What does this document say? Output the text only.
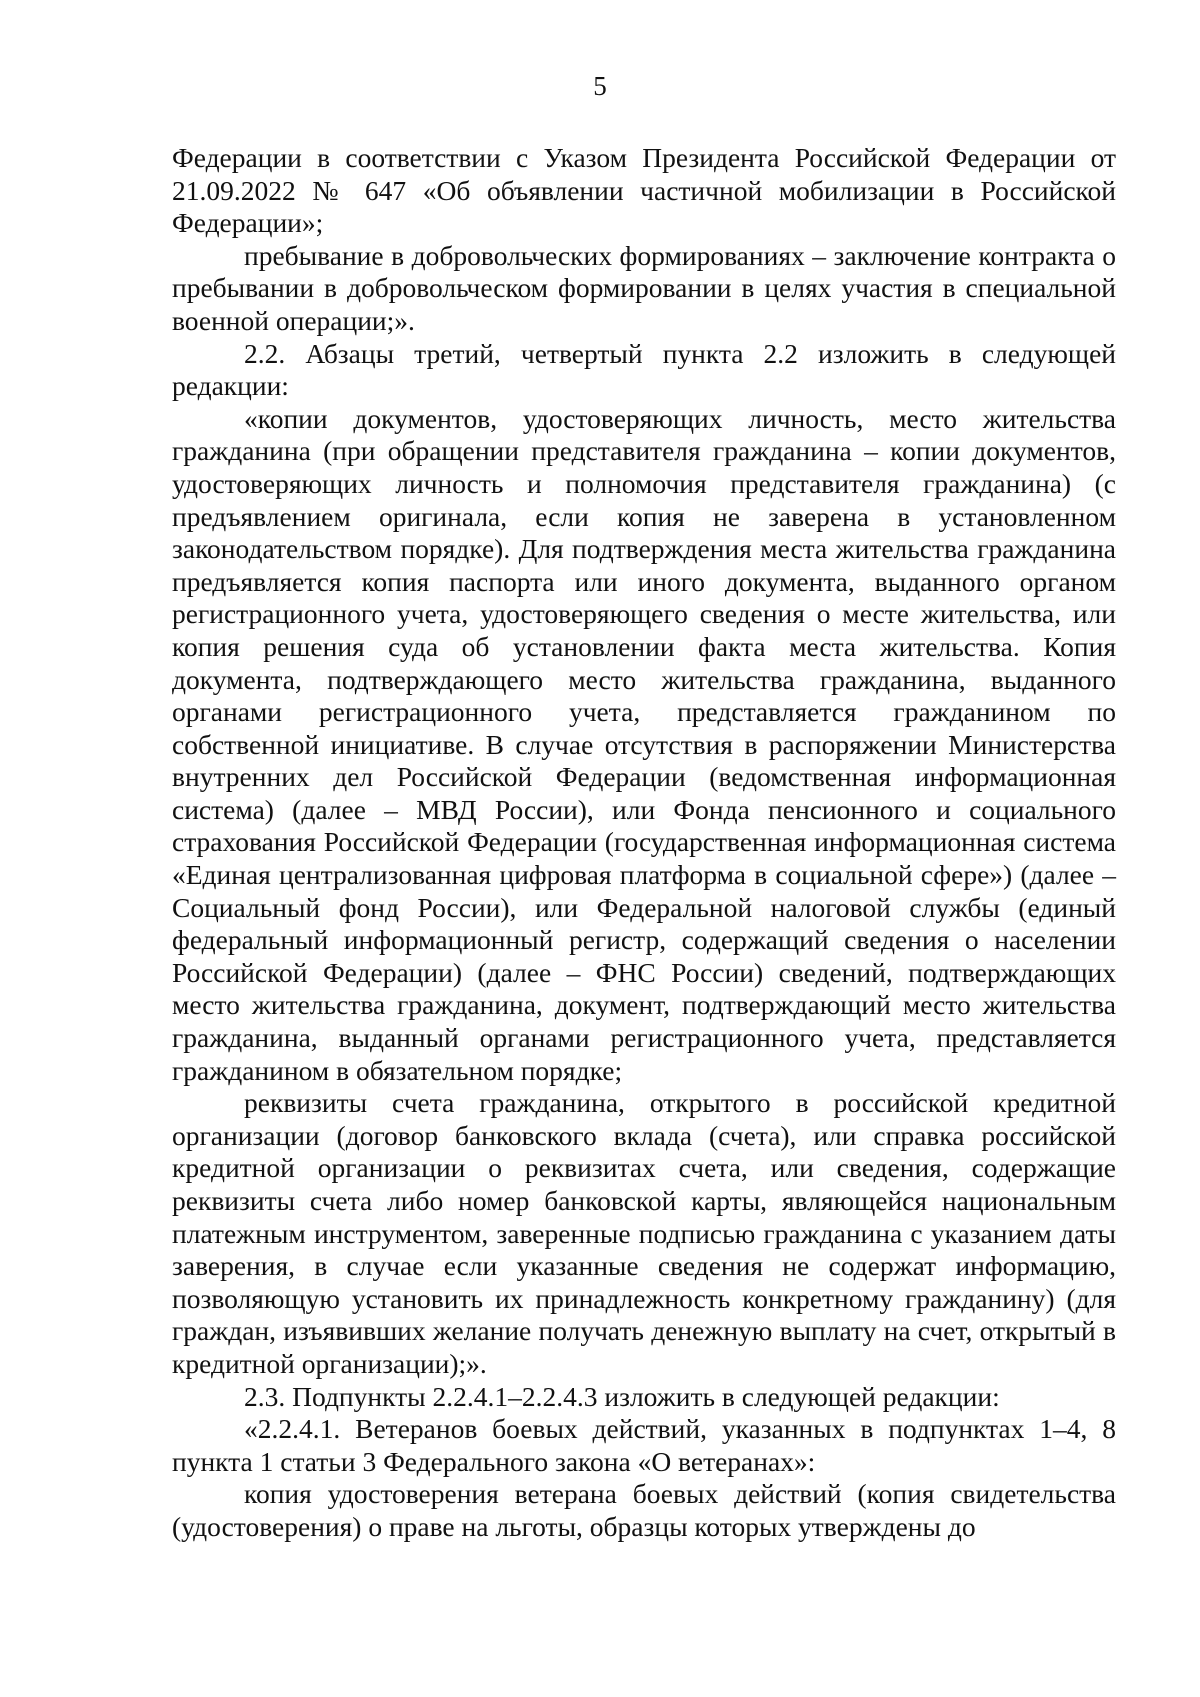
5

Федерации в соответствии с Указом Президента Российской Федерации от 21.09.2022 № 647 «Об объявлении частичной мобилизации в Российской Федерации»;

пребывание в добровольческих формированиях – заключение контракта о пребывании в добровольческом формировании в целях участия в специальной военной операции;».

2.2. Абзацы третий, четвертый пункта 2.2 изложить в следующей редакции:

«копии документов, удостоверяющих личность, место жительства гражданина (при обращении представителя гражданина – копии документов, удостоверяющих личность и полномочия представителя гражданина) (с предъявлением оригинала, если копия не заверена в установленном законодательством порядке). Для подтверждения места жительства гражданина предъявляется копия паспорта или иного документа, выданного органом регистрационного учета, удостоверяющего сведения о месте жительства, или копия решения суда об установлении факта места жительства. Копия документа, подтверждающего место жительства гражданина, выданного органами регистрационного учета, представляется гражданином по собственной инициативе. В случае отсутствия в распоряжении Министерства внутренних дел Российской Федерации (ведомственная информационная система) (далее – МВД России), или Фонда пенсионного и социального страхования Российской Федерации (государственная информационная система «Единая централизованная цифровая платформа в социальной сфере») (далее – Социальный фонд России), или Федеральной налоговой службы (единый федеральный информационный регистр, содержащий сведения о населении Российской Федерации) (далее – ФНС России) сведений, подтверждающих место жительства гражданина, документ, подтверждающий место жительства гражданина, выданный органами регистрационного учета, представляется гражданином в обязательном порядке;

реквизиты счета гражданина, открытого в российской кредитной организации (договор банковского вклада (счета), или справка российской кредитной организации о реквизитах счета, или сведения, содержащие реквизиты счета либо номер банковской карты, являющейся национальным платежным инструментом, заверенные подписью гражданина с указанием даты заверения, в случае если указанные сведения не содержат информацию, позволяющую установить их принадлежность конкретному гражданину) (для граждан, изъявивших желание получать денежную выплату на счет, открытый в кредитной организации);».

2.3. Подпункты 2.2.4.1–2.2.4.3 изложить в следующей редакции:

«2.2.4.1. Ветеранов боевых действий, указанных в подпунктах 1–4, 8 пункта 1 статьи 3 Федерального закона «О ветеранах»:

копия удостоверения ветерана боевых действий (копия свидетельства (удостоверения) о праве на льготы, образцы которых утверждены до
